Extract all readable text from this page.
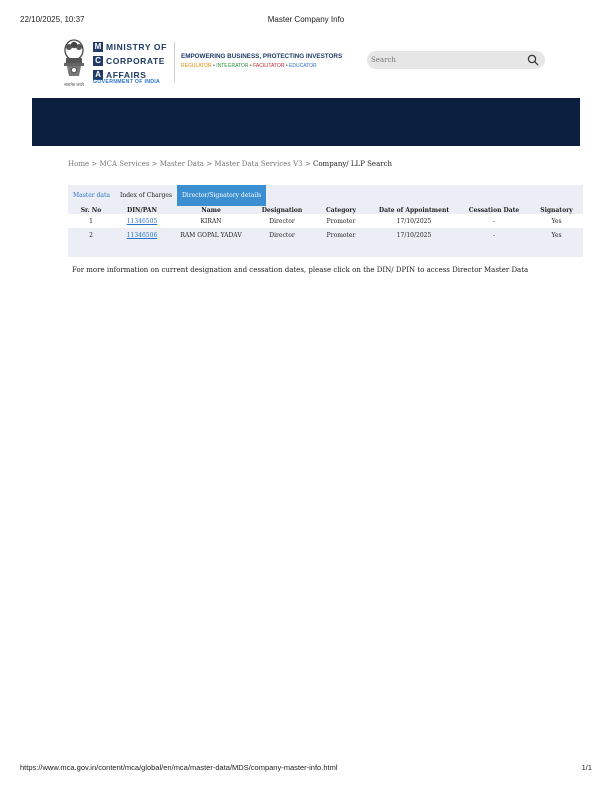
22/10/2025, 10:37	Master Company Info
सत्यमेव जयते
M MINISTRY OF
C CORPORATE
A AFFAIRS
GOVERNMENT OF INDIA
EMPOWERING BUSINESS, PROTECTING INVESTORS
REGULATOR • INTEGRATOR • FACILITATOR • EDUCATOR
Search
Home > MCA Services > Master Data > Master Data Services V3 > Company/ LLP Search
Master data	Index of Charges	Director/Signatory details
Sr. No	DIN/PAN	Name	Designation	Category	Date of Appointment	Cessation Date	Signatory
1	11346505	KIRAN	Director	Promoter	17/10/2025	-	Yes
2	11346506	RAM GOPAL YADAV	Director	Promoter	17/10/2025	-	Yes
For more information on current designation and cessation dates, please click on the DIN/ DPIN to access Director Master Data
https://www.mca.gov.in/content/mca/global/en/mca/master-data/MDS/company-master-info.html	1/1
